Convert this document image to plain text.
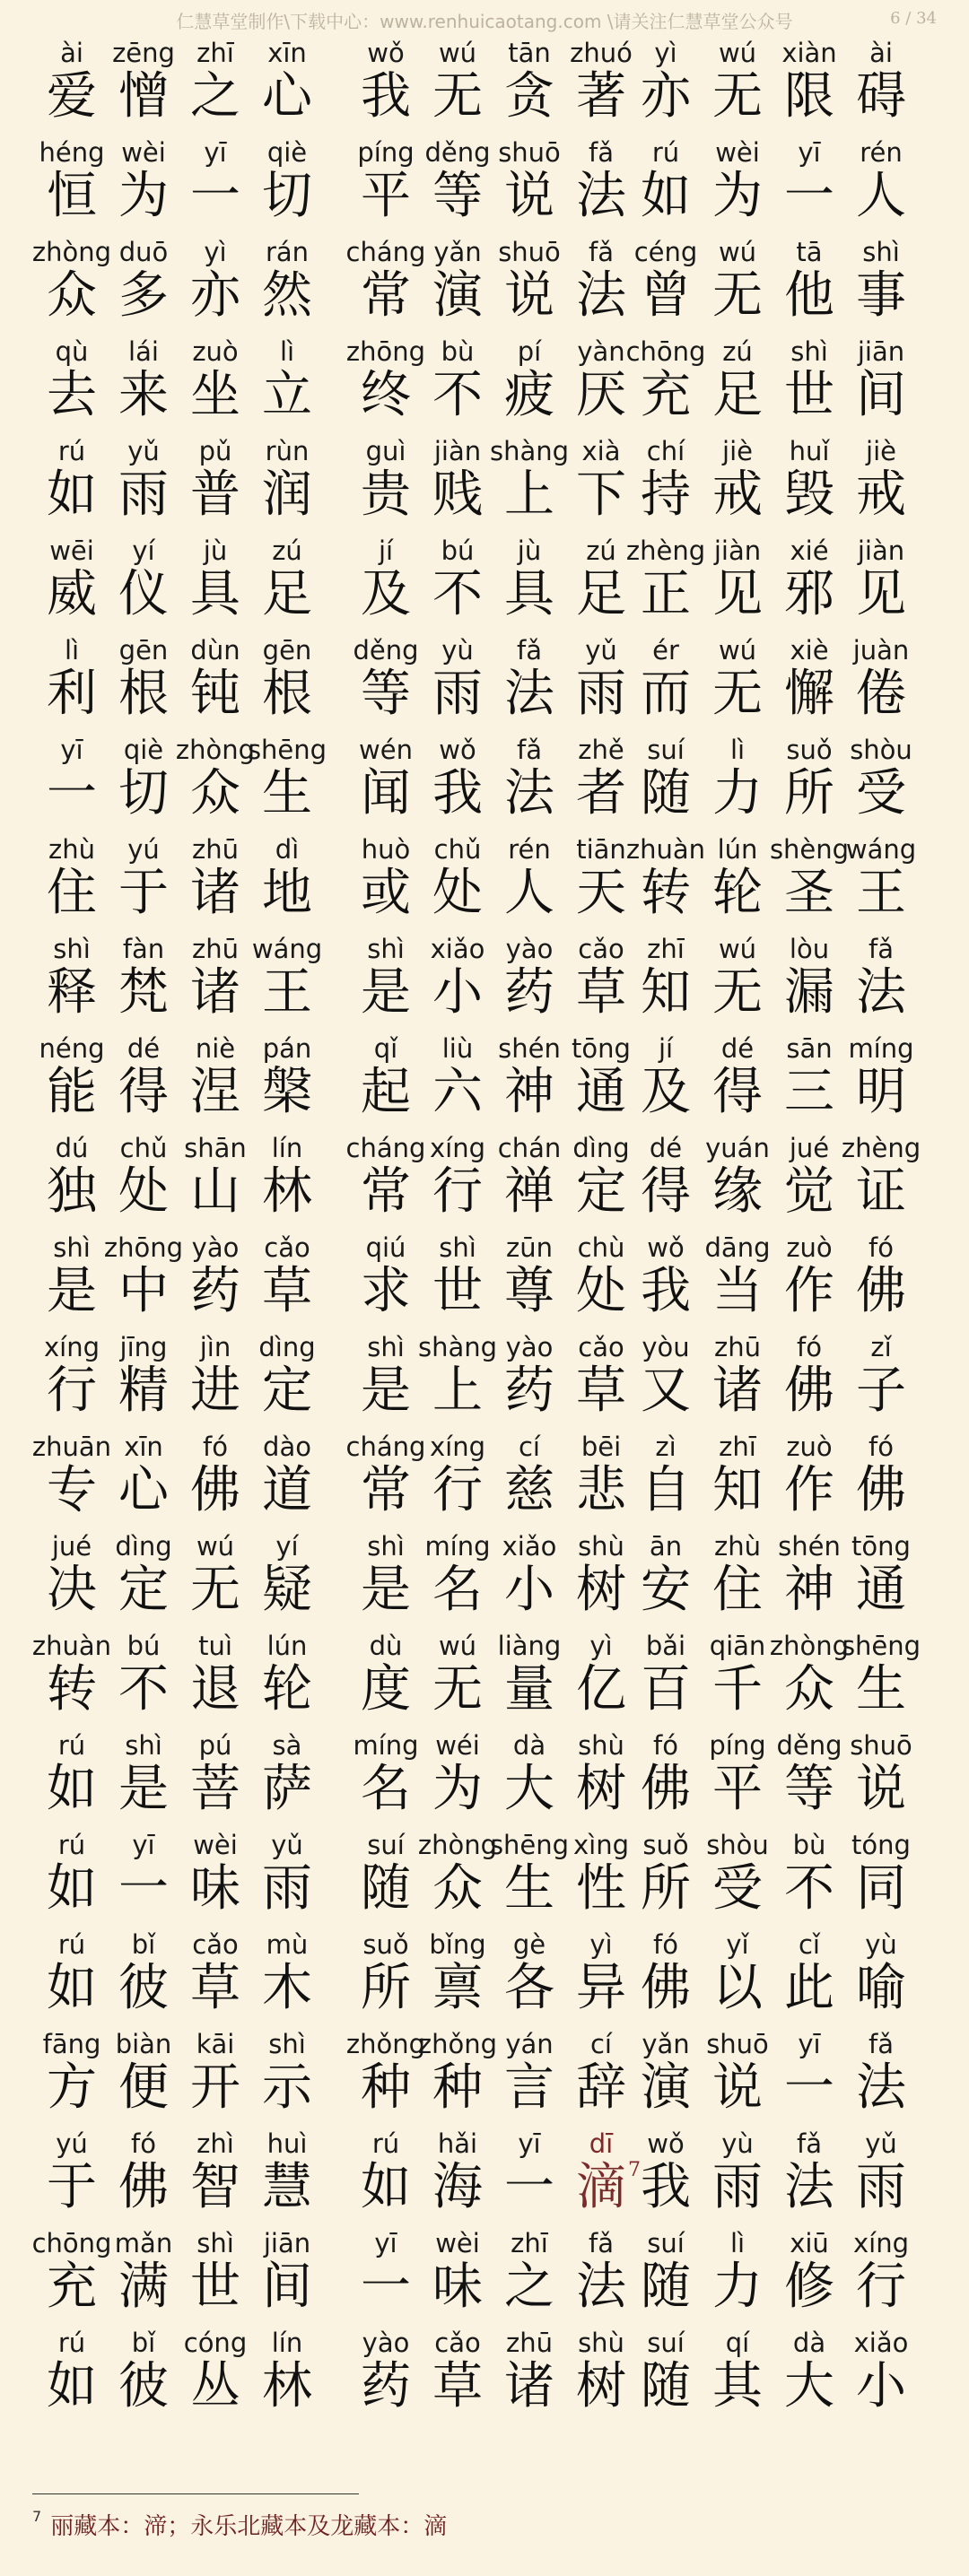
仁慧草堂制作\下载中心：www.renhuicaotang.com \请关注仁慧草堂公众号	6 / 34
ài
爱
zēng
憎
zhī
之
xīn
心
wǒ
我
wú
无
tān
贪
zhuó
著
yì
亦
wú
无
xiàn
限
ài
碍
héng
恒
wèi
为
yī
一
qiè
切
píng
平
děng
等
shuō
说
fǎ
法
rú
如
wèi
为
yī
一
rén
人
zhòng
众
duō
多
yì
亦
rán
然
cháng
常
yǎn
演
shuō
说
fǎ
法
céng
曾
wú
无
tā
他
shì
事
qù
去
lái
来
zuò
坐
lì
立
zhōng
终
bù
不
pí
疲
yàn
厌
chōng
充
zú
足
shì
世
jiān
间
rú
如
yǔ
雨
pǔ
普
rùn
润
guì
贵
jiàn
贱
shàng
上
xià
下
chí
持
jiè
戒
huǐ
毁
jiè
戒
wēi
威
yí
仪
jù
具
zú
足
jí
及
bú
不
jù
具
zú
足
zhèng
正
jiàn
见
xié
邪
jiàn
见
lì
利
gēn
根
dùn
钝
gēn
根
děng
等
yù
雨
fǎ
法
yǔ
雨
ér
而
wú
无
xiè
懈
juàn
倦
yī
一
qiè
切
zhòng
众
shēng
生
wén
闻
wǒ
我
fǎ
法
zhě
者
suí
随
lì
力
suǒ
所
shòu
受
zhù
住
yú
于
zhū
诸
dì
地
huò
或
chǔ
处
rén
人
tiān
天
zhuàn
转
lún
轮
shèng
圣
wáng
王
shì
释
fàn
梵
zhū
诸
wáng
王
shì
是
xiǎo
小
yào
药
cǎo
草
zhī
知
wú
无
lòu
漏
fǎ
法
néng
能
dé
得
niè
涅
pán
槃
qǐ
起
liù
六
shén
神
tōng
通
jí
及
dé
得
sān
三
míng
明
dú
独
chǔ
处
shān
山
lín
林
cháng
常
xíng
行
chán
禅
dìng
定
dé
得
yuán
缘
jué
觉
zhèng
证
shì
是
zhōng
中
yào
药
cǎo
草
qiú
求
shì
世
zūn
尊
chù
处
wǒ
我
dāng
当
zuò
作
fó
佛
xíng
行
jīng
精
jìn
进
dìng
定
shì
是
shàng
上
yào
药
cǎo
草
yòu
又
zhū
诸
fó
佛
zǐ
子
zhuān
专
xīn
心
fó
佛
dào
道
cháng
常
xíng
行
cí
慈
bēi
悲
zì
自
zhī
知
zuò
作
fó
佛
jué
决
dìng
定
wú
无
yí
疑
shì
是
míng
名
xiǎo
小
shù
树
ān
安
zhù
住
shén
神
tōng
通
zhuàn
转
bú
不
tuì
退
lún
轮
dù
度
wú
无
liàng
量
yì
亿
bǎi
百
qiān
千
zhòng
众
shēng
生
rú
如
shì
是
pú
菩
sà
萨
míng
名
wéi
为
dà
大
shù
树
fó
佛
píng
平
děng
等
shuō
说
rú
如
yī
一
wèi
味
yǔ
雨
suí
随
zhòng
众
shēng
生
xìng
性
suǒ
所
shòu
受
bù
不
tóng
同
rú
如
bǐ
彼
cǎo
草
mù
木
suǒ
所
bǐng
禀
gè
各
yì
异
fó
佛
yǐ
以
cǐ
此
yù
喻
fāng
方
biàn
便
kāi
开
shì
示
zhǒng
种
zhǒng
种
yán
言
cí
辞
yǎn
演
shuō
说
yī
一
fǎ
法
yú
于
fó
佛
zhì
智
huì
慧
rú
如
hǎi
海
yī
一
dī
滴 7
wǒ
我
yù
雨
fǎ
法
yǔ
雨
chōng
充
mǎn
满
shì
世
jiān
间
yī
一
wèi
味
zhī
之
fǎ
法
suí
随
lì
力
xiū
修
xíng
行
rú
如
bǐ
彼
cóng
丛
lín
林
yào
药
cǎo
草
zhū
诸
shù
树
suí
随
qí
其
dà
大
xiǎo
小
$^7$ 丽藏本：渧；永乐北藏本及龙藏本：滴
